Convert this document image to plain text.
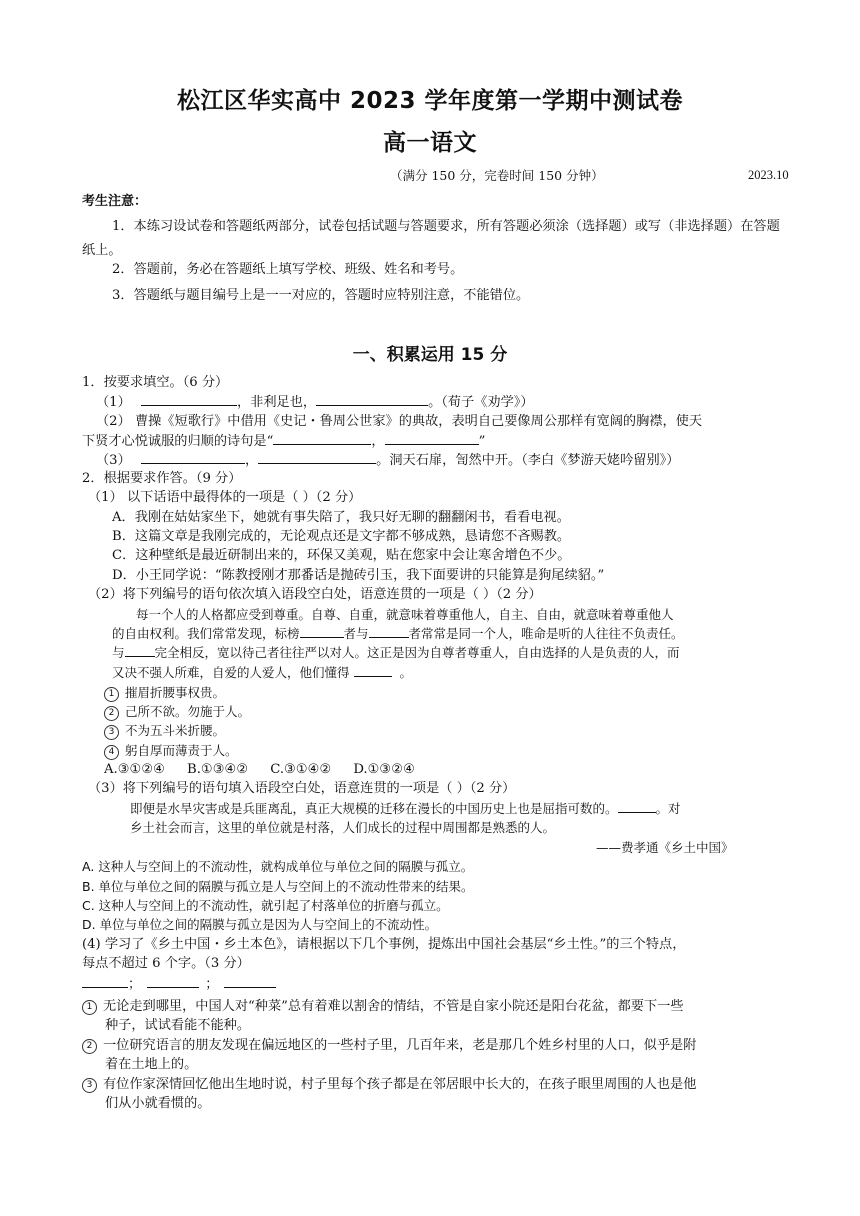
松江区华实高中 2023 学年度第一学期中测试卷
高一语文
（满分 150 分，完卷时间 150 分钟）	2023.10
考生注意：
1．本练习设试卷和答题纸两部分，试卷包括试题与答题要求，所有答题必须涂（选择题）或写（非选择题）在答题纸上。
2．答题前，务必在答题纸上填写学校、班级、姓名和考号。
3．答题纸与题目编号上是一一对应的，答题时应特别注意，不能错位。
一、积累运用 15 分
1．按要求填空。（6 分）
（1）	，非利足也，	。（荀子《劝学》）
（2） 曹操《短歌行》中借用《史记・鲁周公世家》的典故，表明自己要像周公那样有宽阔的胸襟，使天
下贤才心悦诚服的归顺的诗句是“	，	”
（3）	，	。洞天石扉，訇然中开。（李白《梦游天姥吟留别》）
2．根据要求作答。（9 分）
（1） 以下话语中最得体的一项是（ ）（2 分）
A．我刚在姑姑家坐下，她就有事失陪了，我只好无聊的翻翻闲书，看看电视。
B．这篇文章是我刚完成的，无论观点还是文字都不够成熟，恳请您不吝赐教。
C．这种壁纸是最近研制出来的，环保又美观，贴在您家中会让寒舍增色不少。
D．小王同学说：“陈教授刚才那番话是抛砖引玉，我下面要讲的只能算是狗尾续貂。”
（2）将下列编号的语句依次填入语段空白处，语意连贯的一项是（ ）（2 分）
每一个人的人格都应受到尊重。自尊、自重，就意味着尊重他人，自主、自由，就意味着尊重他人
的自由权利。我们常常发现，标榜	者与	者常常是同一个人，唯命是听的人往往不负责任。
与 完全相反，宽以待己者往往严以对人。这正是因为自尊者尊重人，自由选择的人是负责的人，而
又决不强人所难，自爱的人爱人，他们懂得	。
1 摧眉折腰事权贵。
2 己所不欲。勿施于人。
3 不为五斗米折腰。
4 躬自厚而薄责于人。
A.③①②④ B.①③④② C.③①④② D.①③②④
（3）将下列编号的语句填入语段空白处，语意连贯的一项是（ ）（2 分）
即便是水旱灾害或是兵匪离乱，真正大规模的迁移在漫长的中国历史上也是屈指可数的。	。对
乡土社会而言，这里的单位就是村落，人们成长的过程中周围都是熟悉的人。
——费孝通《乡土中国》
A. 这种人与空间上的不流动性，就构成单位与单位之间的隔膜与孤立。
B. 单位与单位之间的隔膜与孤立是人与空间上的不流动性带来的结果。
C. 这种人与空间上的不流动性，就引起了村落单位的折磨与孤立。
D. 单位与单位之间的隔膜与孤立是因为人与空间上的不流动性。
(4) 学习了《乡土中国・乡土本色》，请根据以下几个事例，提炼出中国社会基层“乡土性。”的三个特点，
每点不超过 6 个字。（3 分）
；	；
1 无论走到哪里，中国人对“种菜”总有着难以割舍的情结，不管是自家小院还是阳台花盆，都要下一些
种子，试试看能不能种。
2 一位研究语言的朋友发现在偏远地区的一些村子里，几百年来，老是那几个姓乡村里的人口，似乎是附
着在土地上的。
3 有位作家深情回忆他出生地时说，村子里每个孩子都是在邻居眼中长大的，在孩子眼里周围的人也是他
们从小就看惯的。
